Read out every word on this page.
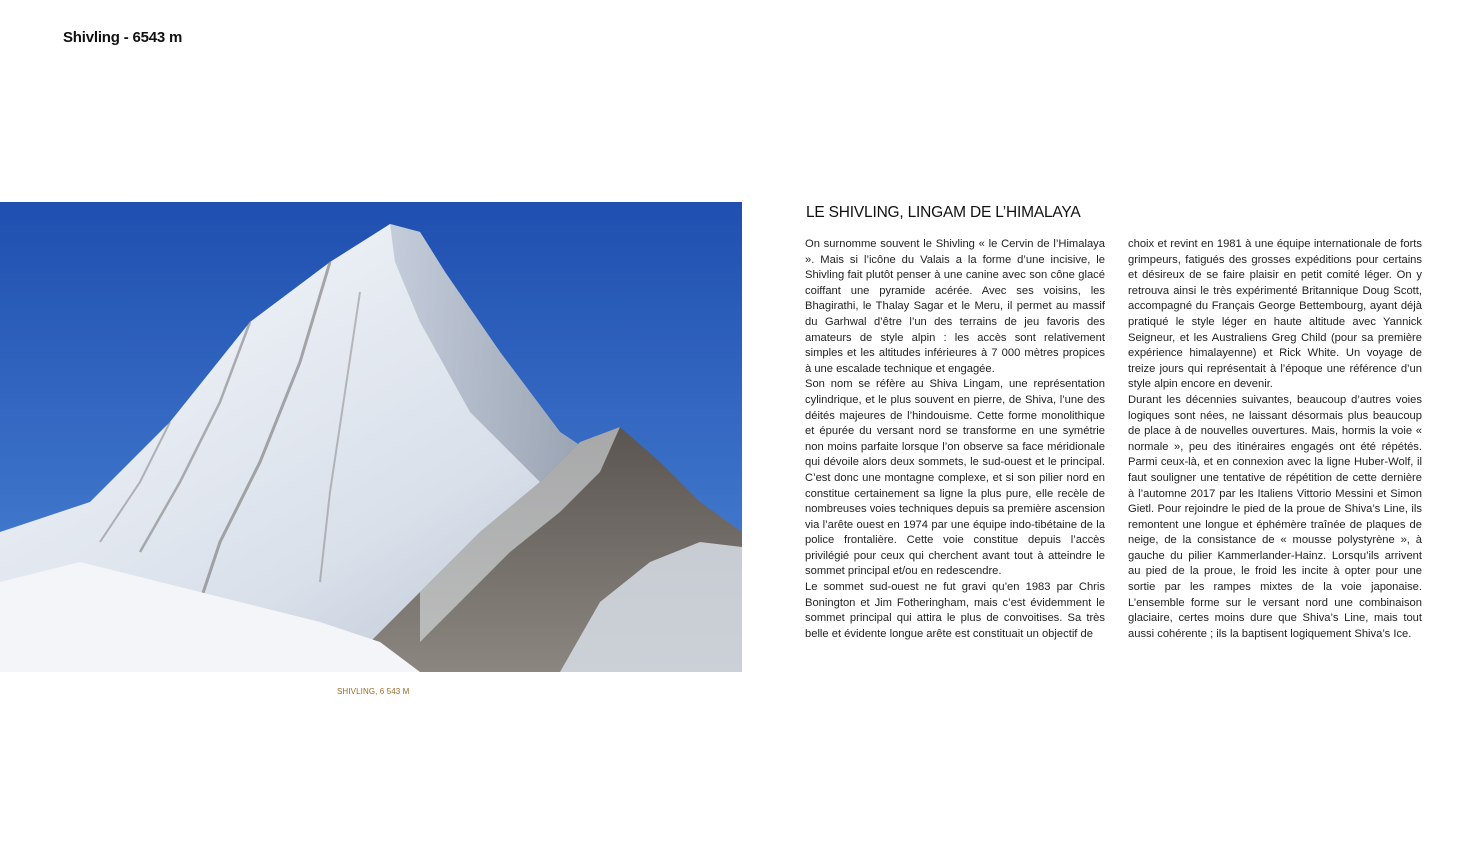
Shivling - 6543 m
SHIVLING, 6 543 M
LE SHIVLING, LINGAM DE L’HIMALAYA

On surnomme souvent le Shivling « le Cervin de l’Himalaya ». Mais si l’icône du Valais a la forme d’une incisive, le Shivling fait plutôt penser à une canine avec son cône glacé coiffant une pyramide acérée. Avec ses voisins, les Bhagirathi, le Thalay Sagar et le Meru, il permet au massif du Garhwal d’être l’un des terrains de jeu favoris des amateurs de style alpin : les accès sont relativement simples et les altitudes inférieures à 7 000 mètres propices à une escalade technique et engagée.

Son nom se réfère au Shiva Lingam, une représentation cylindrique, et le plus souvent en pierre, de Shiva, l’une des déités majeures de l’hindouisme. Cette forme monolithique et épurée du versant nord se transforme en une symétrie non moins parfaite lorsque l’on observe sa face méridionale qui dévoile alors deux sommets, le sud-ouest et le principal. C’est donc une montagne complexe, et si son pilier nord en constitue certainement sa ligne la plus pure, elle recèle de nombreuses voies techniques depuis sa première ascension via l’arête ouest en 1974 par une équipe indo-tibétaine de la police frontalière. Cette voie constitue depuis l’accès privilégié pour ceux qui cherchent avant tout à atteindre le sommet principal et/ou en redescendre.

Le sommet sud-ouest ne fut gravi qu’en 1983 par Chris Bonington et Jim Fotheringham, mais c’est évidemment le sommet principal qui attira le plus de convoitises. Sa très belle et évidente longue arête est constituait un objectif de

choix et revint en 1981 à une équipe internationale de forts grimpeurs, fatigués des grosses expéditions pour certains et désireux de se faire plaisir en petit comité léger. On y retrouva ainsi le très expérimenté Britannique Doug Scott, accompagné du Français George Bettembourg, ayant déjà pratiqué le style léger en haute altitude avec Yannick Seigneur, et les Australiens Greg Child (pour sa première expérience himalayenne) et Rick White. Un voyage de treize jours qui représentait à l’époque une référence d’un style alpin encore en devenir.

Durant les décennies suivantes, beaucoup d’autres voies logiques sont nées, ne laissant désormais plus beaucoup de place à de nouvelles ouvertures. Mais, hormis la voie « normale », peu des itinéraires engagés ont été répétés. Parmi ceux-là, et en connexion avec la ligne Huber-Wolf, il faut souligner une tentative de répétition de cette dernière à l’automne 2017 par les Italiens Vittorio Messini et Simon Gietl. Pour rejoindre le pied de la proue de Shiva’s Line, ils remontent une longue et éphémère traînée de plaques de neige, de la consistance de « mousse polystyrène », à gauche du pilier Kammerlander-Hainz. Lorsqu’ils arrivent au pied de la proue, le froid les incite à opter pour une sortie par les rampes mixtes de la voie japonaise. L’ensemble forme sur le versant nord une combinaison glaciaire, certes moins dure que Shiva’s Line, mais tout aussi cohérente ; ils la baptisent logiquement Shiva’s Ice.
